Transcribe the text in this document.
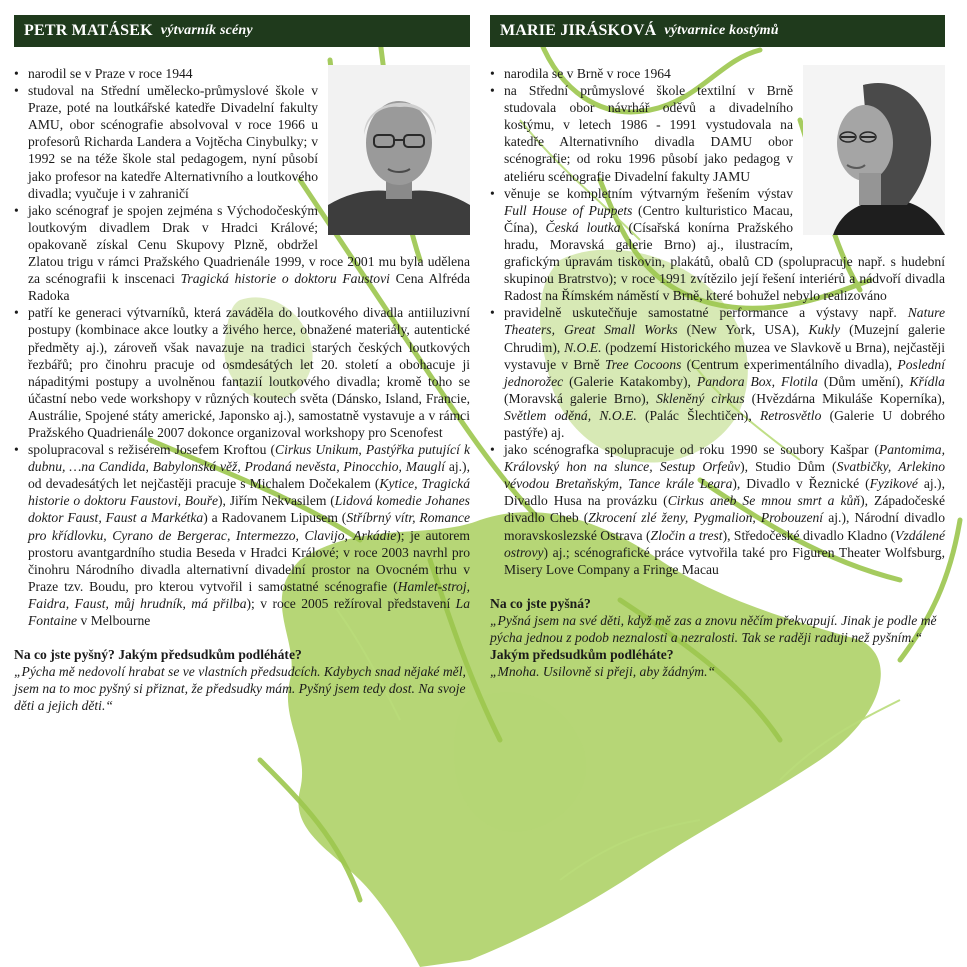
PETR MATÁSEK výtvarník scény
• narodil se v Praze v roce 1944
• studoval na Střední umělecko-průmyslové škole v Praze, poté na loutkářské katedře Divadelní fakulty AMU, obor scénografie absolvoval v roce 1966 u profesorů Richarda Landera a Vojtěcha Cinybulky; v 1992 se na téže škole stal pedagogem, nyní působí jako profesor na katedře Alternativního a loutkového divadla; vyučuje i v zahraničí
• jako scénograf je spojen zejména s Východočeským loutkovým divadlem Drak v Hradci Králové; opakovaně získal Cenu Skupovy Plzně, obdržel Zlatou trigu v rámci Pražského Quadrienále 1999, v roce 2001 mu byla udělena za scénografii k inscenaci Tragická historie o doktoru Faustovi Cena Alfréda Radoka
• patří ke generaci výtvarníků, která zaváděla do loutkového divadla antiiluzivní postupy (kombinace akce loutky a živého herce, obnažené materiály, autentické předměty aj.), zároveň však navazuje na tradici starých českých loutkových řezbářů; pro činohru pracuje od osmdesátých let 20. století a obohacuje ji nápaditými postupy a uvolněnou fantazií loutkového divadla; kromě toho se účastní nebo vede workshopy v různých koutech světa (Dánsko, Island, Francie, Austrálie, Spojené státy americké, Japonsko aj.), samostatně vystavuje a v rámci Pražského Quadrienále 2007 dokonce organizoval workshopy pro Scenofest
• spolupracoval s režisérem Josefem Kroftou (Cirkus Unikum, Pastýřka putující k dubnu, …na Candida, Babylonská věž, Prodaná nevěsta, Pinocchio, Mauglí aj.), od devadesátých let nejčastěji pracuje s Michalem Dočekalem (Kytice, Tragická historie o doktoru Faustovi, Bouře), Jiřím Nekvasilem (Lidová komedie Johanes doktor Faust, Faust a Markétka) a Radovanem Lipusem (Stříbrný vítr, Romance pro křídlovku, Cyrano de Bergerac, Intermezzo, Clavijo, Arkádie); je autorem prostoru avantgardního studia Beseda v Hradci Králové; v roce 2003 navrhl pro činohru Národního divadla alternativní divadelní prostor na Ovocném trhu v Praze tzv. Boudu, pro kterou vytvořil i samostatné scénografie (Hamlet-stroj, Faidra, Faust, můj hrudník, má přilba); v roce 2005 režíroval představení La Fontaine v Melbourne
Na co jste pyšný? Jakým předsudkům podléháte?
„Pýcha mě nedovolí hrabat se ve vlastních předsudcích. Kdybych snad nějaké měl, jsem na to moc pyšný si přiznat, že předsudky mám. Pyšný jsem tedy dost. Na svoje děti a jejich děti.“
MARIE JIRÁSKOVÁ výtvarnice kostýmů
• narodila se v Brně v roce 1964
• na Střední průmyslové škole textilní v Brně studovala obor návrhář oděvů a divadelního kostýmu, v letech 1986 - 1991 vystudovala na katedře Alternativního divadla DAMU obor scénografie; od roku 1996 působí jako pedagog v ateliéru scénografie Divadelní fakulty JAMU
• věnuje se kompletním výtvarným řešením výstav Full House of Puppets (Centro kulturistico Macau, Čína), Česká loutka (Císařská konírna Pražského hradu, Moravská galerie Brno) aj., ilustracím, grafickým úpravám tiskovin, plakátů, obalů CD (spolupracuje např. s hudební skupinou Bratrstvo); v roce 1991 zvítězilo její řešení interiérů a nádvoří divadla Radost na Římském náměstí v Brně, které bohužel nebylo realizováno
• pravidelně uskutečňuje samostatné performance a výstavy např. Nature Theaters, Great Small Works (New York, USA), Kukly (Muzejní galerie Chrudim), N.O.E. (podzemí Historického muzea ve Slavkově u Brna), nejčastěji vystavuje v Brně Tree Cocoons (Centrum experimentálního divadla), Poslední jednorožec (Galerie Katakomby), Pandora Box, Flotila (Dům umění), Křídla (Moravská galerie Brno), Skleněný cirkus (Hvězdárna Mikuláše Koperníka), Světlem oděná, N.O.E. (Palác Šlechtičen), Retrosvětlo (Galerie U dobrého pastýře) aj.
• jako scénografka spolupracuje od roku 1990 se soubory Kašpar (Pantomima, Královský hon na slunce, Sestup Orfeův), Studio Dům (Svatbičky, Arlekino vévodou Bretaňským, Tance krále Leara), Divadlo v Řeznické (Fyzikové aj.), Divadlo Husa na provázku (Cirkus aneb Se mnou smrt a kůň), Západočeské divadlo Cheb (Zkrocení zlé ženy, Pygmalion, Probouzení aj.), Národní divadlo moravskoslezské Ostrava (Zločin a trest), Středočeské divadlo Kladno (Vzdálené ostrovy) aj.; scénografické práce vytvořila také pro Figuren Theater Wolfsburg, Misery Love Company a Fringe Macau
Na co jste pyšná?
„Pyšná jsem na své děti, když mě zas a znovu něčím překvapují. Jinak je podle mě pýcha jednou z podob neznalosti a nezralosti. Tak se raději raduji než pyšním.“
Jakým předsudkům podléháte?
„Mnoha. Usilovně si přeji, aby žádným.“
